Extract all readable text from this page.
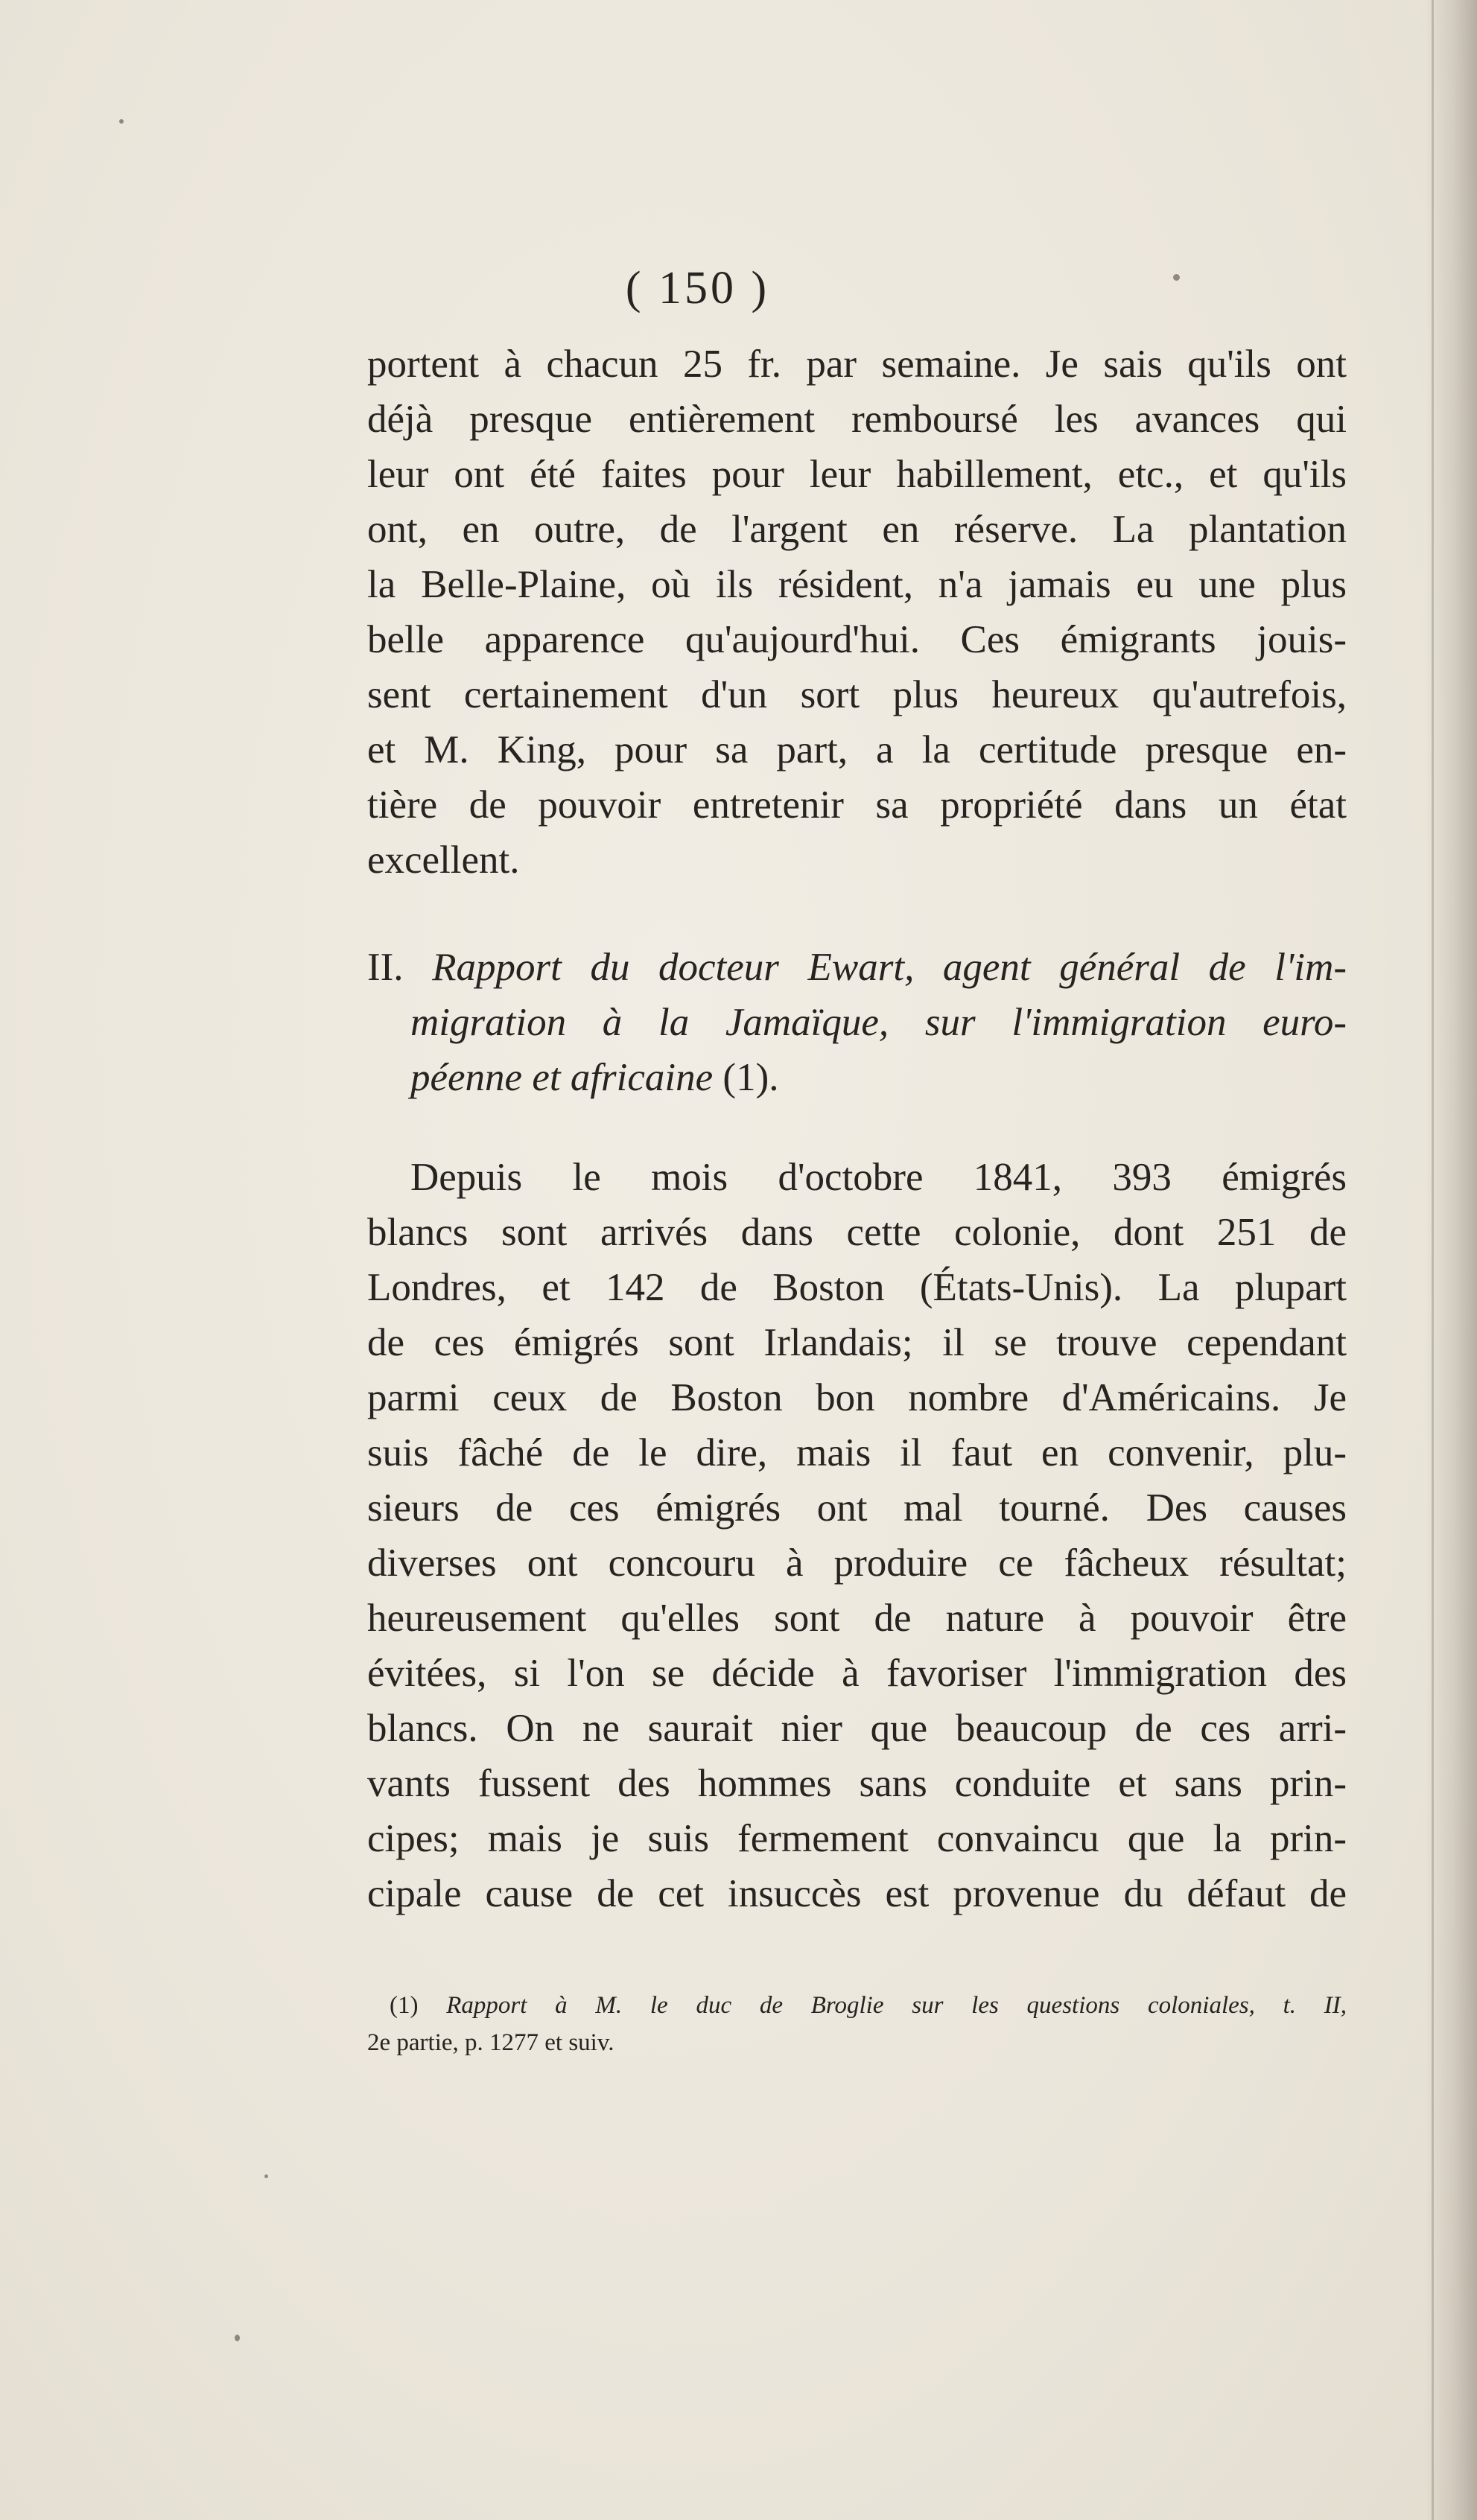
( 150 )
portent à chacun 25 fr. par semaine. Je sais qu'ils ont
déjà presque entièrement remboursé les avances qui
leur ont été faites pour leur habillement, etc., et qu'ils
ont, en outre, de l'argent en réserve. La plantation
la Belle-Plaine, où ils résident, n'a jamais eu une plus
belle apparence qu'aujourd'hui. Ces émigrants jouis-
sent certainement d'un sort plus heureux qu'autrefois,
et M. King, pour sa part, a la certitude presque en-
tière de pouvoir entretenir sa propriété dans un état
excellent.
II. Rapport du docteur Ewart, agent général de l'im-
migration à la Jamaïque, sur l'immigration euro-
péenne et africaine (1).
Depuis le mois d'octobre 1841, 393 émigrés
blancs sont arrivés dans cette colonie, dont 251 de
Londres, et 142 de Boston (États-Unis). La plupart
de ces émigrés sont Irlandais; il se trouve cependant
parmi ceux de Boston bon nombre d'Américains. Je
suis fâché de le dire, mais il faut en convenir, plu-
sieurs de ces émigrés ont mal tourné. Des causes
diverses ont concouru à produire ce fâcheux résultat;
heureusement qu'elles sont de nature à pouvoir être
évitées, si l'on se décide à favoriser l'immigration des
blancs. On ne saurait nier que beaucoup de ces arri-
vants fussent des hommes sans conduite et sans prin-
cipes; mais je suis fermement convaincu que la prin-
cipale cause de cet insuccès est provenue du défaut de
(1) Rapport à M. le duc de Broglie sur les questions coloniales, t. II,
2e partie, p. 1277 et suiv.
